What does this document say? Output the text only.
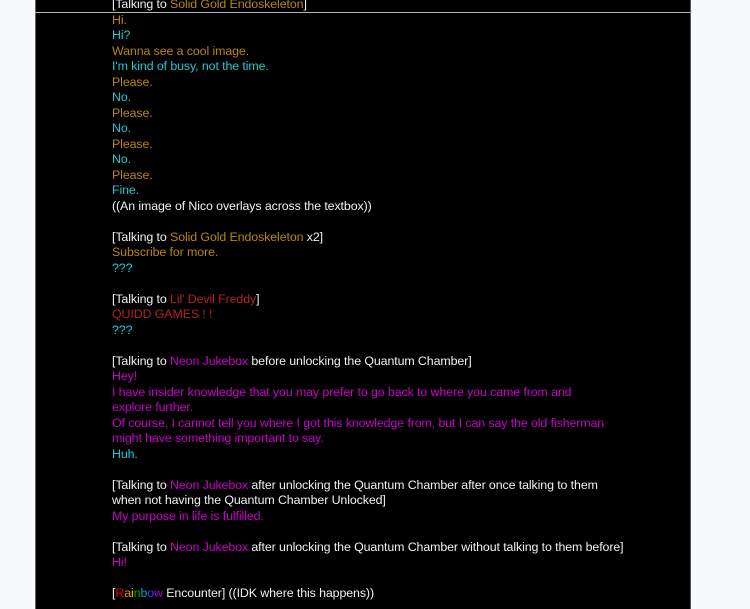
[Talking to Solid Gold Endoskeleton]
Hi.
Hi?
Wanna see a cool image.
I'm kind of busy, not the time.
Please.
No.
Please.
No.
Please.
No.
Please.
Fine.
((An image of Nico overlays across the textbox))
[Talking to Solid Gold Endoskeleton x2]
Subscribe for more.
???
[Talking to Lil' Devil Freddy]
QUIDD GAMES ! !
???
[Talking to Neon Jukebox before unlocking the Quantum Chamber]
Hey!
I have insider knowledge that you may prefer to go back to where you came from and explore further.
Of course, I cannot tell you where I got this knowledge from, but I can say the old fisherman might have something important to say.
Huh.
[Talking to Neon Jukebox after unlocking the Quantum Chamber after once talking to them when not having the Quantum Chamber Unlocked]
My purpose in life is fulfilled.
[Talking to Neon Jukebox after unlocking the Quantum Chamber without talking to them before]
Hi!
[Rainbow Encounter] ((IDK where this happens))
